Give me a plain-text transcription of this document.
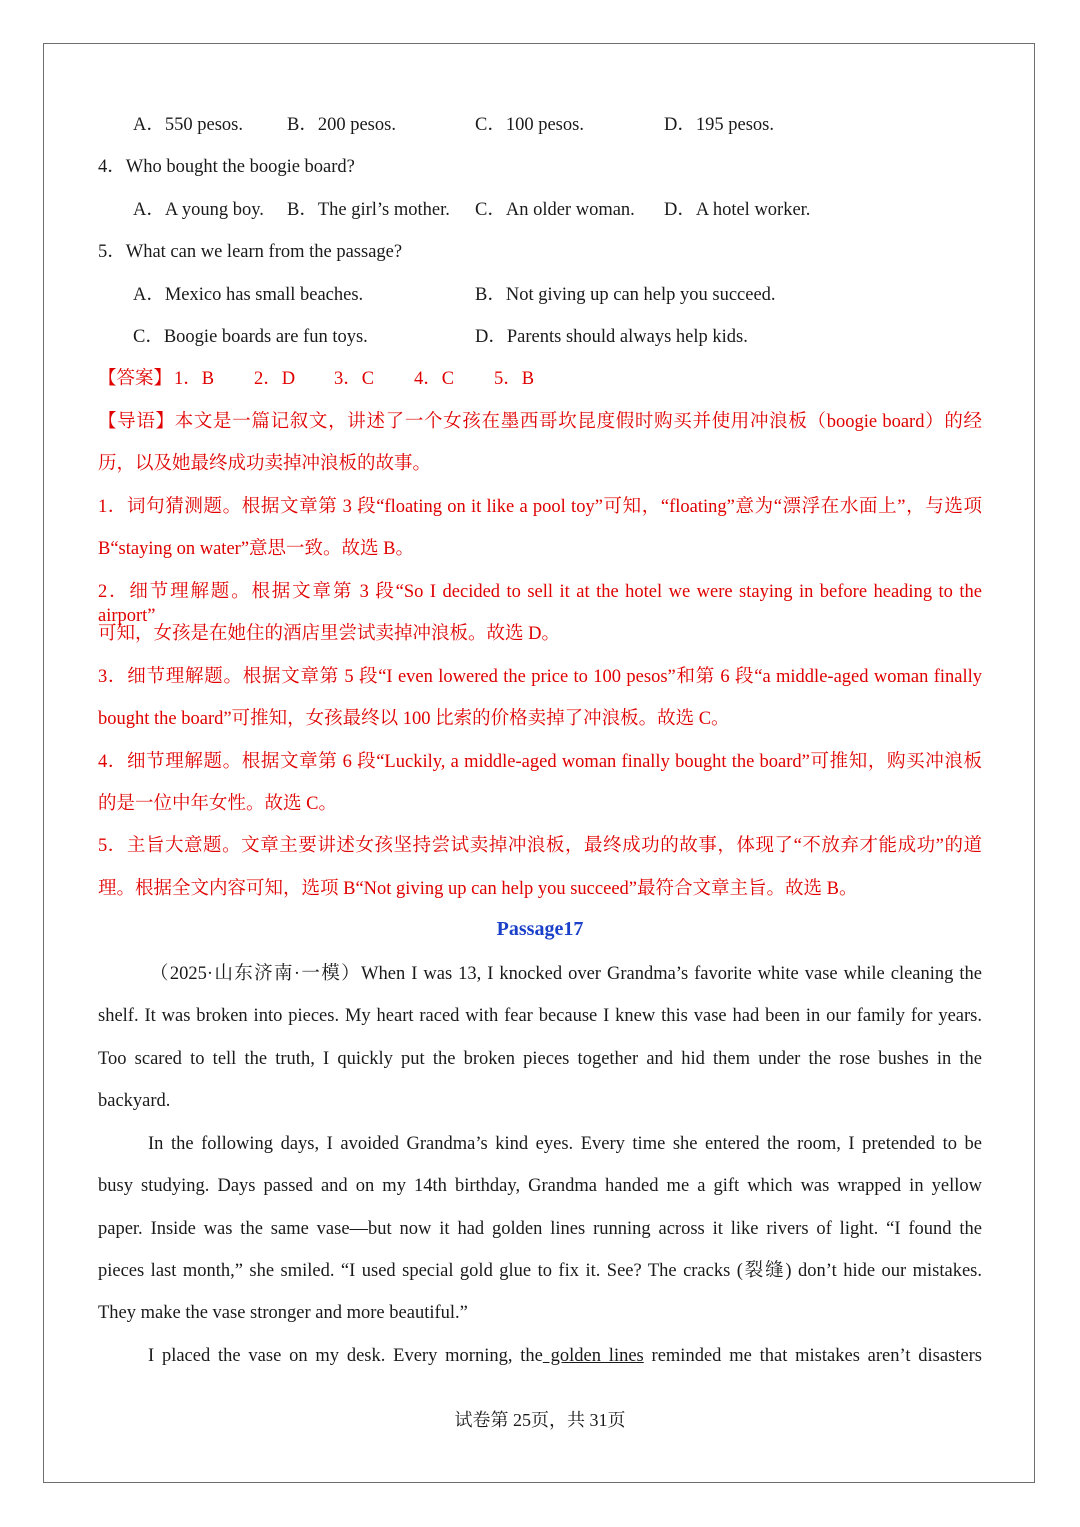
A．550 pesos. B．200 pesos.	C．100 pesos.	D．195 pesos.
4．Who bought the boogie board?
A．A young boy. B．The girl’s mother. C．An older woman. D．A hotel worker.
5．What can we learn from the passage?
A．Mexico has small beaches.	B．Not giving up can help you succeed.
C．Boogie boards are fun toys.	D．Parents should always help kids.
【答案】 1．B 2．D 3．C 4．C 5．B
【导语】本文是一篇记叙文，讲述了一个女孩在墨西哥坎昆度假时购买并使用冲浪板（boogie board）的经
历，以及她最终成功卖掉冲浪板的故事。
1．词句猜测题。根据文章第 3 段“floating on it like a pool toy”可知，“floating”意为“漂浮在水面上”，与选项
B“staying on water”意思一致。故选 B。
2．细节理解题。根据文章第 3 段“So I decided to sell it at the hotel we were staying in before heading to the airport”
可知，女孩是在她住的酒店里尝试卖掉冲浪板。故选 D。
3．细节理解题。根据文章第 5 段“I even lowered the price to 100 pesos”和第 6 段“a middle-aged woman finally
bought the board”可推知，女孩最终以 100 比索的价格卖掉了冲浪板。故选 C。
4．细节理解题。根据文章第 6 段“Luckily, a middle-aged woman finally bought the board”可推知，购买冲浪板
的是一位中年女性。故选 C。
5．主旨大意题。文章主要讲述女孩坚持尝试卖掉冲浪板，最终成功的故事，体现了“不放弃才能成功”的道
理。根据全文内容可知，选项 B“Not giving up can help you succeed”最符合文章主旨。故选 B。
Passage17
（2025·山东济南·一模）When I was 13, I knocked over Grandma’s favorite white vase while cleaning the
shelf. It was broken into pieces. My heart raced with fear because I knew this vase had been in our family for years.
Too scared to tell the truth, I quickly put the broken pieces together and hid them under the rose bushes in the
backyard.
In the following days, I avoided Grandma’s kind eyes. Every time she entered the room, I pretended to be
busy studying. Days passed and on my 14th birthday, Grandma handed me a gift which was wrapped in yellow
paper. Inside was the same vase—but now it had golden lines running across it like rivers of light. “I found the
pieces last month,” she smiled. “I used special gold glue to fix it. See? The cracks (裂缝) don’t hide our mistakes.
They make the vase stronger and more beautiful.”
I placed the vase on my desk. Every morning, the golden lines reminded me that mistakes aren’t disasters
试卷第 25页，共 31页
